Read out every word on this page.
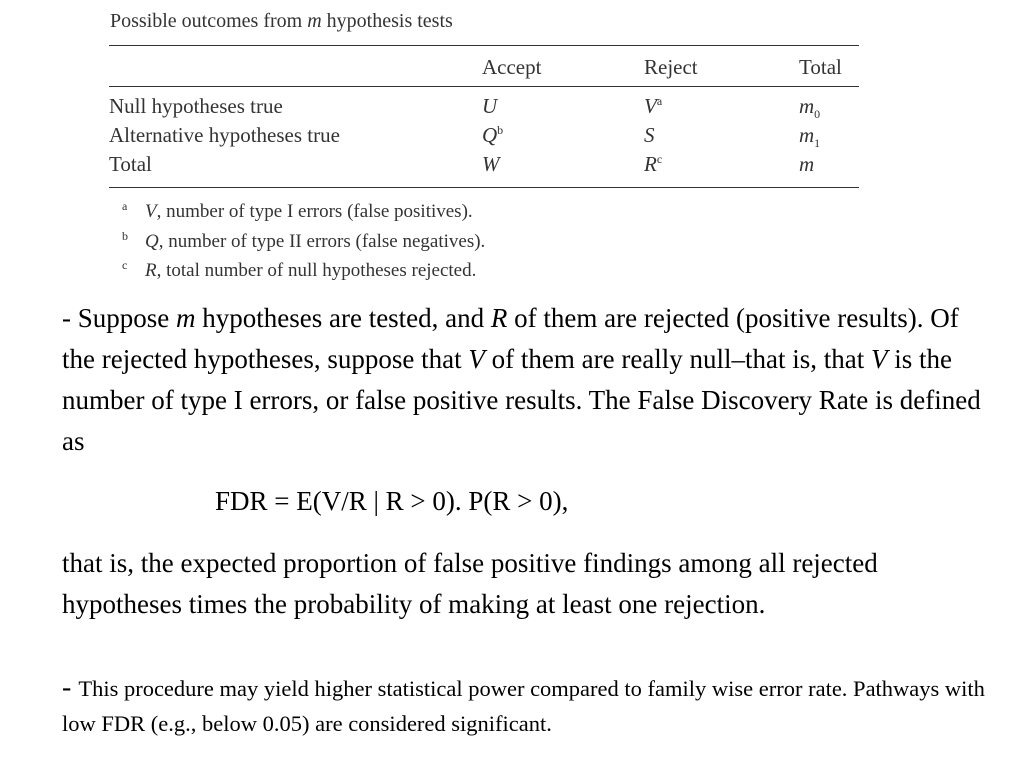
Possible outcomes from m hypothesis tests
	Accept	Reject	Total
Null hypotheses true	U	$V^a$	$m_0$
Alternative hypotheses true	$Q^b$	S	$m_1$
Total	W	$R^c$	m
a V, number of type I errors (false positives).
b Q, number of type II errors (false negatives).
c R, total number of null hypotheses rejected.
- Suppose m hypotheses are tested, and R of them are rejected (positive results). Of the rejected hypotheses, suppose that V of them are really null–that is, that V is the number of type I errors, or false positive results. The False Discovery Rate is defined as
FDR = E(V/R | R > 0). P(R > 0),
that is, the expected proportion of false positive findings among all rejected hypotheses times the probability of making at least one rejection.
- This procedure may yield higher statistical power compared to family wise error rate. Pathways with low FDR (e.g., below 0.05) are considered significant.
